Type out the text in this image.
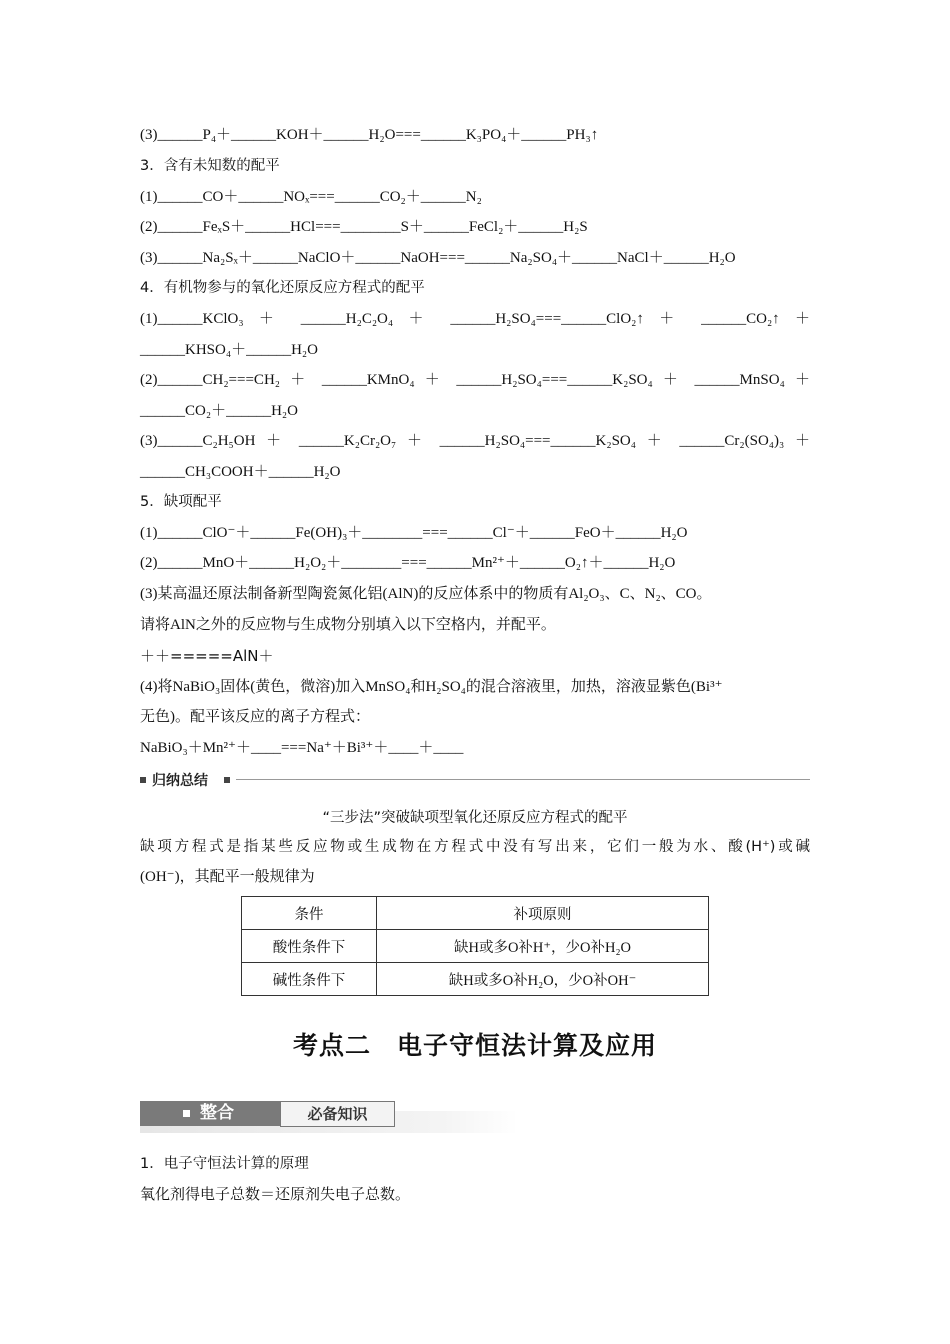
(3)______P₄＋______KOH＋______H₂O===______K₃PO₄＋______PH₃↑
3．含有未知数的配平
(1)______CO＋______NOₓ===______CO₂＋______N₂
(2)______FeₓS＋______HCl===________S＋______FeCl₂＋______H₂S
(3)______Na₂Sₓ＋______NaClO＋______NaOH===______Na₂SO₄＋______NaCl＋______H₂O
4．有机物参与的氧化还原反应方程式的配平
(1)______KClO₃ ＋ ______H₂C₂O₄ ＋ ______H₂SO₄===______ClO₂↑ ＋ ______CO₂↑ ＋
______KHSO₄＋______H₂O
(2)______CH₂===CH₂ ＋ ______KMnO₄ ＋ ______H₂SO₄===______K₂SO₄ ＋ ______MnSO₄ ＋
______CO₂＋______H₂O
(3)______C₂H₅OH ＋ ______K₂Cr₂O₇ ＋ ______H₂SO₄===______K₂SO₄ ＋ ______Cr₂(SO₄)₃ ＋
______CH₃COOH＋______H₂O
5．缺项配平
(1)______ClO⁻＋______Fe(OH)₃＋________===______Cl⁻＋______FeO＋______H₂O
(2)______MnO＋______H₂O₂＋________===______Mn²⁺＋______O₂↑＋______H₂O
(3)某高温还原法制备新型陶瓷氮化铝(AlN)的反应体系中的物质有Al₂O₃、C、N₂、CO。
请将AlN之外的反应物与生成物分别填入以下空格内，并配平。
＋＋=====AlN＋
(4)将NaBiO₃固体(黄色，微溶)加入MnSO₄和H₂SO₄的混合溶液里，加热，溶液显紫色(Bi³⁺
无色)。配平该反应的离子方程式：
NaBiO₃＋Mn²⁺＋____===Na⁺＋Bi³⁺＋____＋____
归纳总结
“三步法”突破缺项型氧化还原反应方程式的配平
缺项方程式是指某些反应物或生成物在方程式中没有写出来，它们一般为水、酸(H⁺)或碱
(OH⁻)，其配平一般规律为
条件	补项原则
酸性条件下	缺H或多O补H⁺，少O补H₂O
碱性条件下	缺H或多O补H₂O，少O补OH⁻
考点二　电子守恒法计算及应用
整合	必备知识
1．电子守恒法计算的原理
氧化剂得电子总数＝还原剂失电子总数。
